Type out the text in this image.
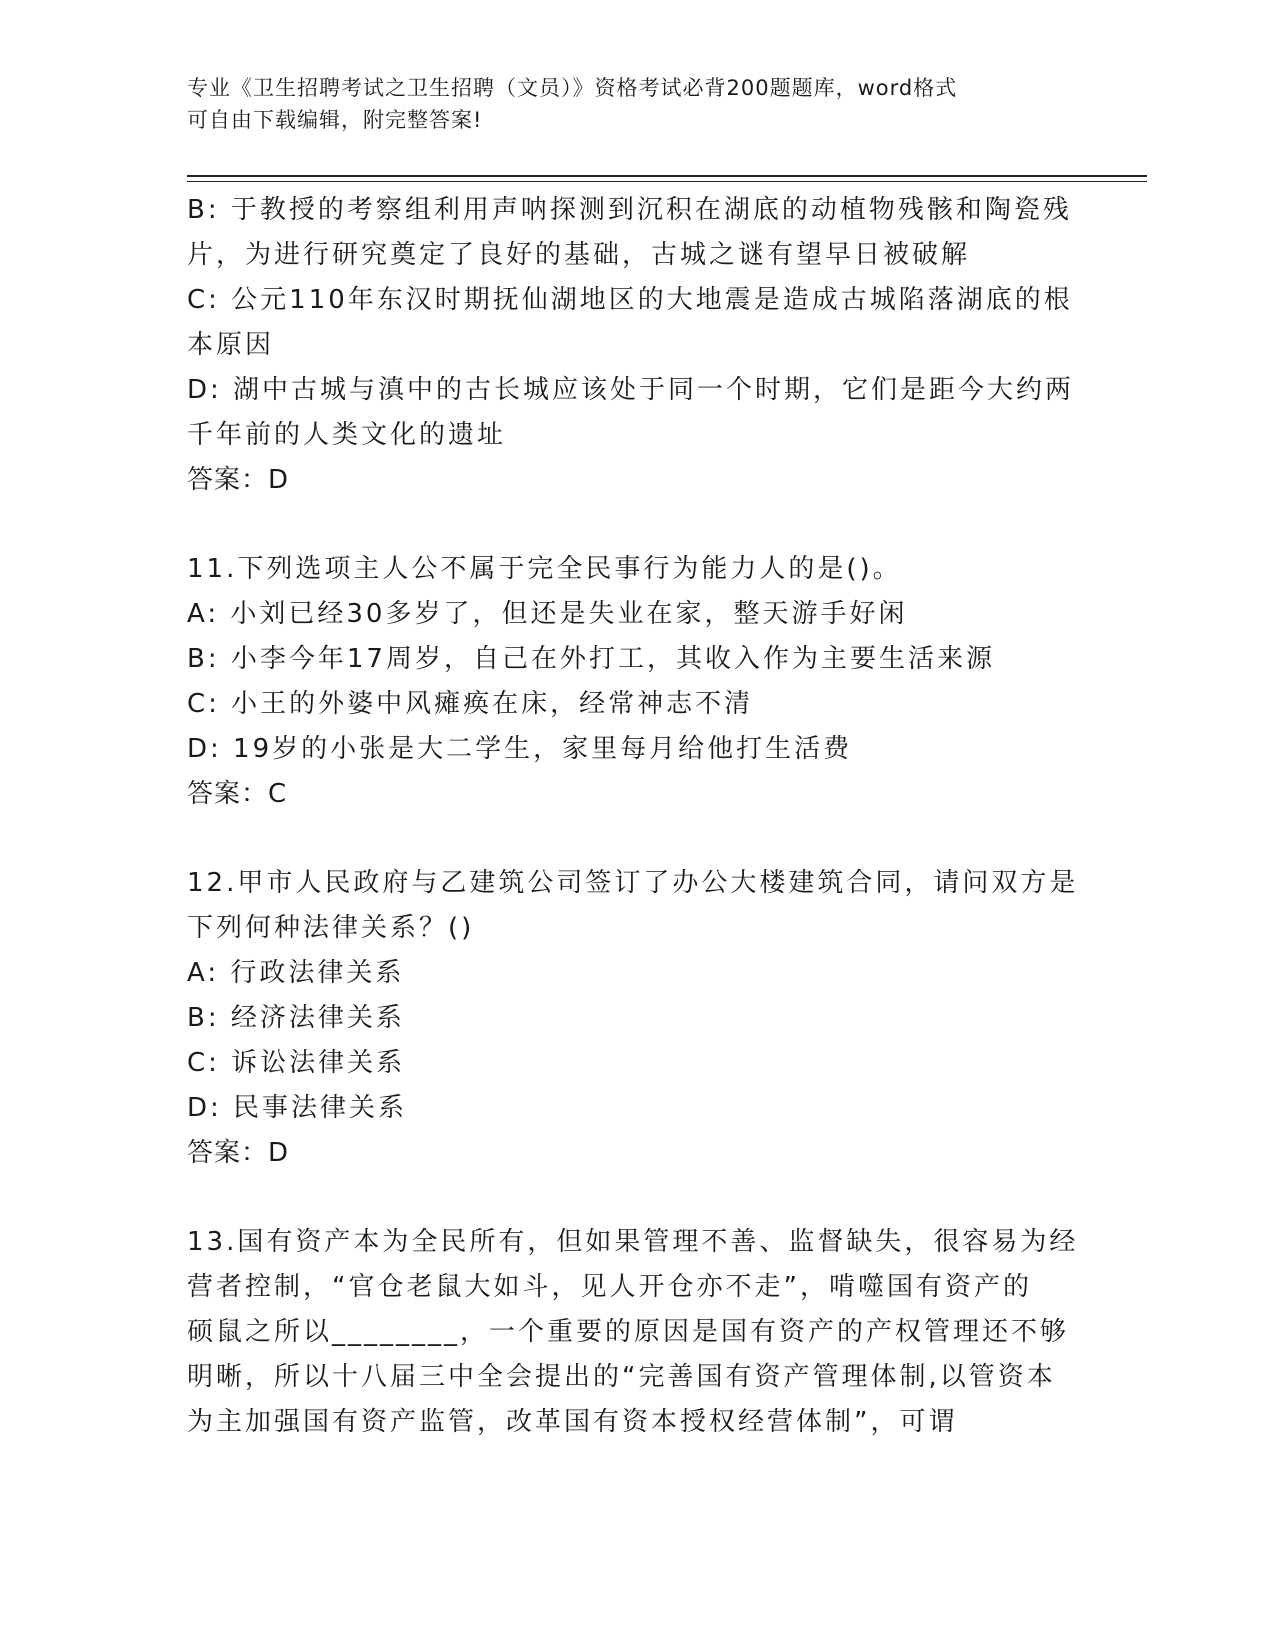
专业《卫生招聘考试之卫生招聘（文员）》资格考试必背200题题库，word格式
可自由下载编辑，附完整答案!
B: 于教授的考察组利用声呐探测到沉积在湖底的动植物残骸和陶瓷残
片，为进行研究奠定了良好的基础，古城之谜有望早日被破解
C: 公元110年东汉时期抚仙湖地区的大地震是造成古城陷落湖底的根
本原因
D: 湖中古城与滇中的古长城应该处于同一个时期，它们是距今大约两
千年前的人类文化的遗址
答案：D
11.下列选项主人公不属于完全民事行为能力人的是()。
A: 小刘已经30多岁了，但还是失业在家，整天游手好闲
B: 小李今年17周岁，自己在外打工，其收入作为主要生活来源
C: 小王的外婆中风瘫痪在床，经常神志不清
D: 19岁的小张是大二学生，家里每月给他打生活费
答案：C
12.甲市人民政府与乙建筑公司签订了办公大楼建筑合同，请问双方是
下列何种法律关系？()
A: 行政法律关系
B: 经济法律关系
C: 诉讼法律关系
D: 民事法律关系
答案：D
13.国有资产本为全民所有，但如果管理不善、监督缺失，很容易为经
营者控制，“官仓老鼠大如斗，见人开仓亦不走”，啃噬国有资产的
硕鼠之所以________，一个重要的原因是国有资产的产权管理还不够
明晰，所以十八届三中全会提出的“完善国有资产管理体制,以管资本
为主加强国有资产监管，改革国有资本授权经营体制”，可谓
